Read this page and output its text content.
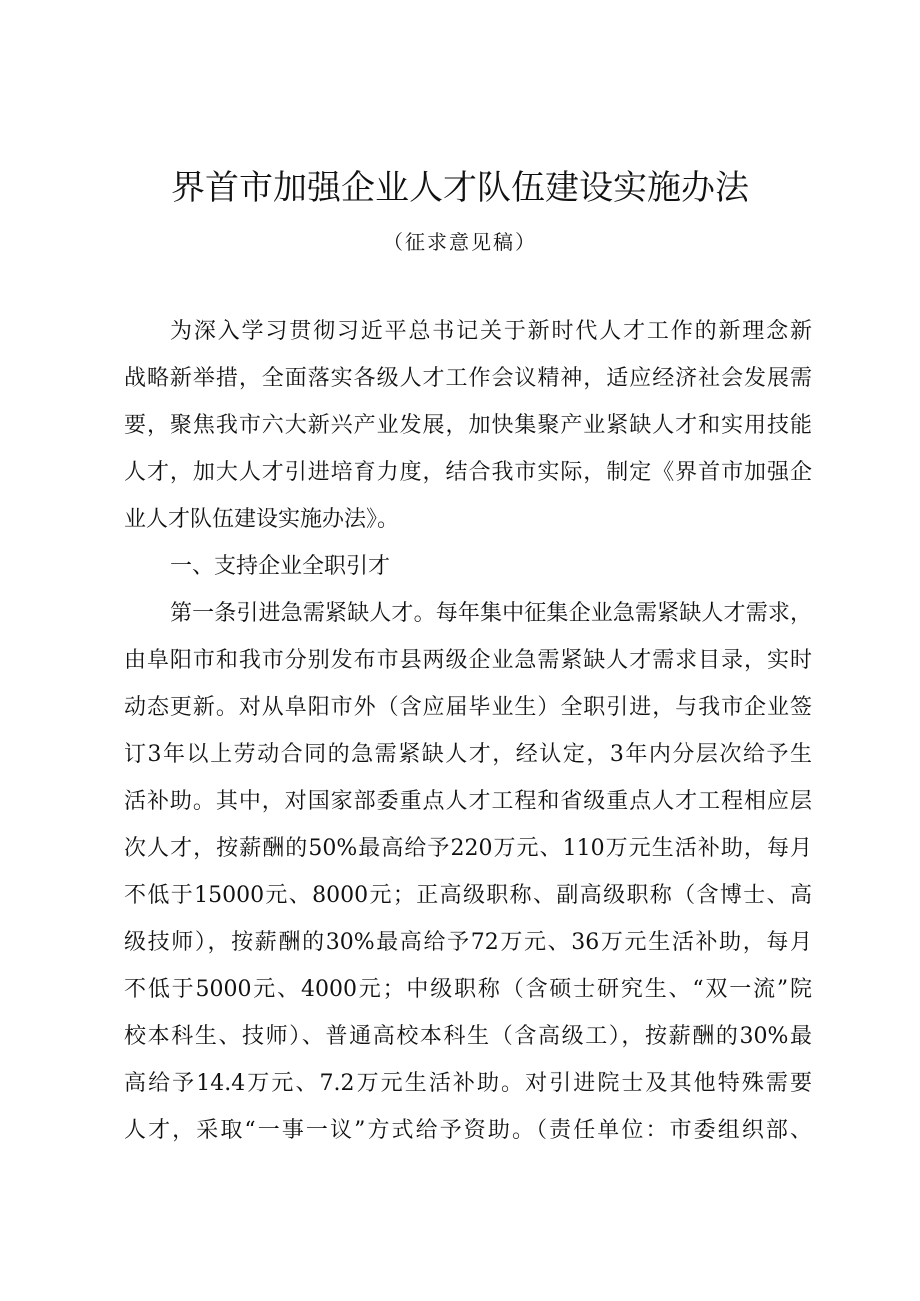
界首市加强企业人才队伍建设实施办法
（征求意见稿）
为深入学习贯彻习近平总书记关于新时代人才工作的新理念新
战略新举措，全面落实各级人才工作会议精神，适应经济社会发展需
要，聚焦我市六大新兴产业发展，加快集聚产业紧缺人才和实用技能
人才，加大人才引进培育力度，结合我市实际，制定《界首市加强企
业人才队伍建设实施办法》。
一、支持企业全职引才
第一条引进急需紧缺人才。每年集中征集企业急需紧缺人才需求，
由阜阳市和我市分别发布市县两级企业急需紧缺人才需求目录，实时
动态更新。对从阜阳市外（含应届毕业生）全职引进，与我市企业签
订3年以上劳动合同的急需紧缺人才，经认定，3年内分层次给予生
活补助。其中，对国家部委重点人才工程和省级重点人才工程相应层
次人才，按薪酬的50%最高给予220万元、110万元生活补助，每月
不低于15000元、8000元；正高级职称、副高级职称（含博士、高
级技师），按薪酬的30%最高给予72万元、36万元生活补助，每月
不低于5000元、4000元；中级职称（含硕士研究生、“双一流”院
校本科生、技师）、普通高校本科生（含高级工），按薪酬的30%最
高给予14.4万元、7.2万元生活补助。对引进院士及其他特殊需要
人才，采取“一事一议”方式给予资助。（责任单位：市委组织部、
